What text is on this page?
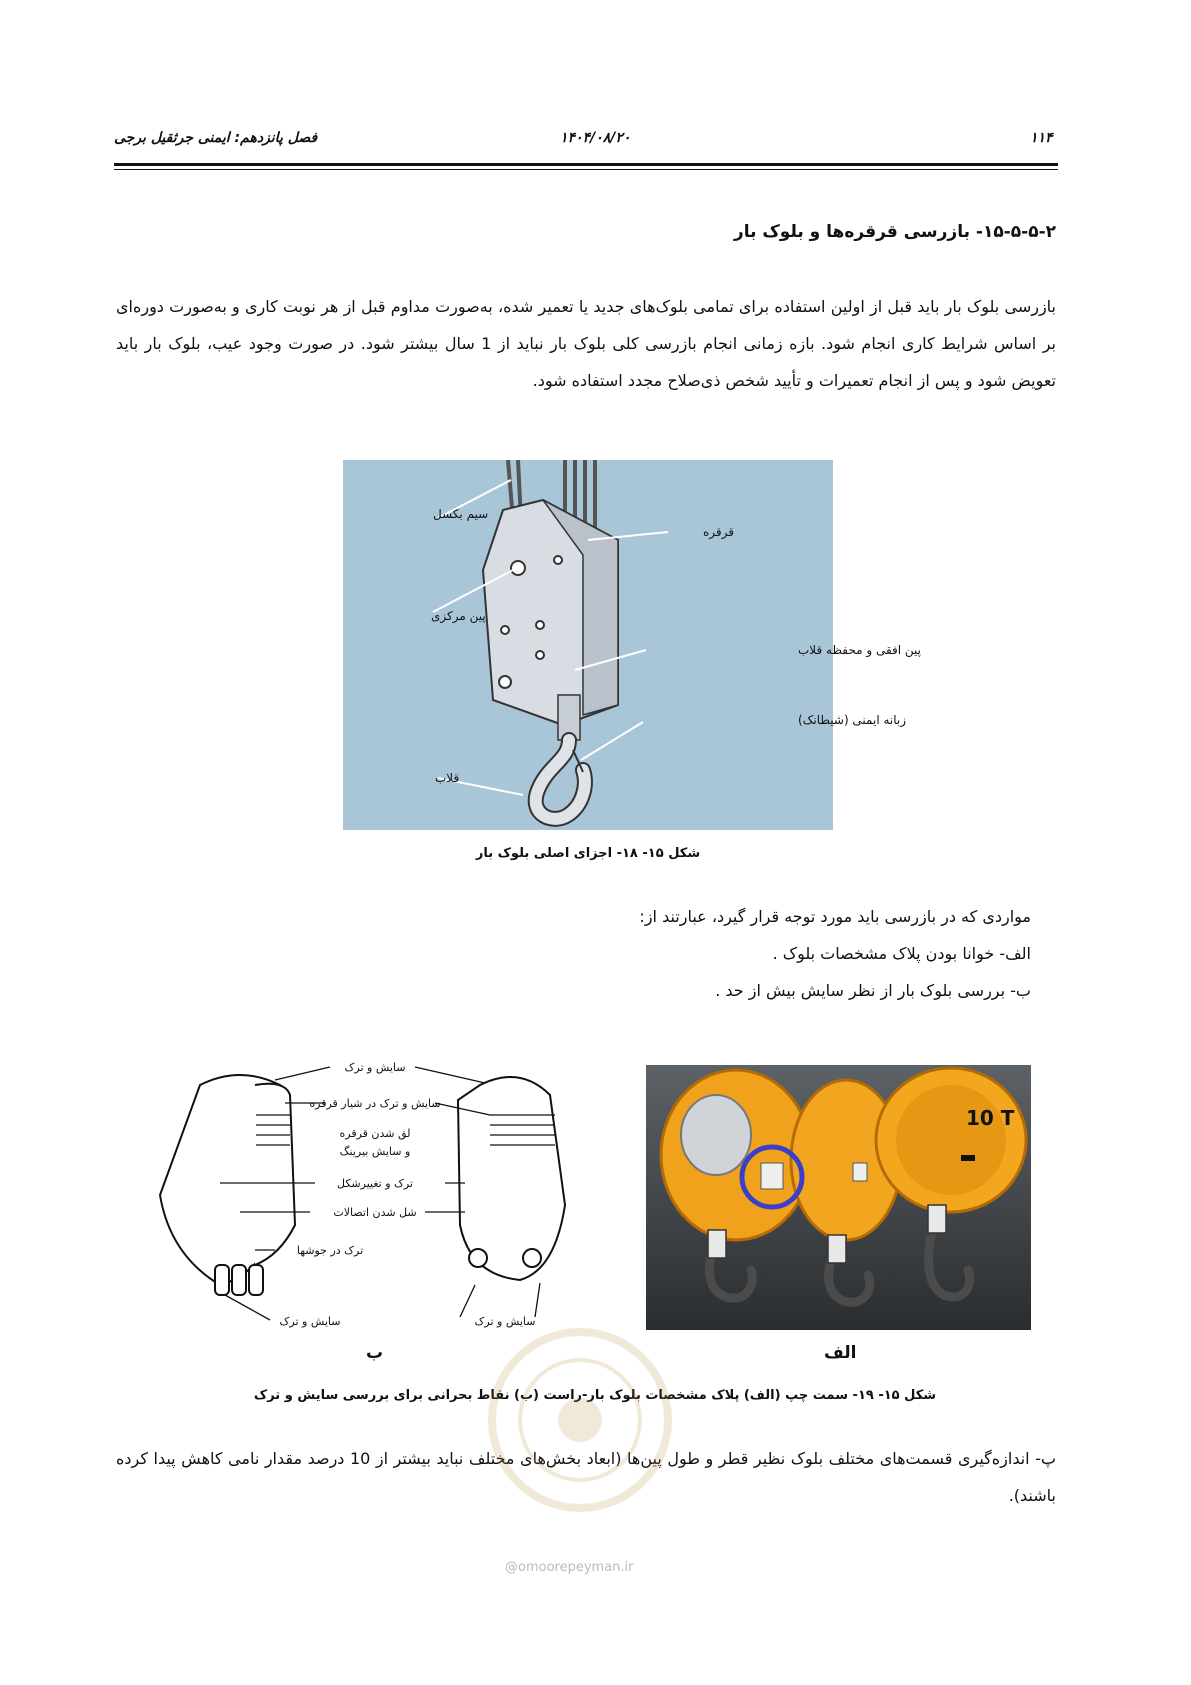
۱۱۴
۱۴۰۴/۰۸/۲۰
فصل پانزدهم: ایمنی جرثقیل برجی
۱۵-۵-۵-۲- بازرسی قرقره‌ها و بلوک بار
بازرسی بلوک بار باید قبل از اولین استفاده برای تمامی بلوک‌های جدید یا تعمیر شده، به‌صورت مداوم قبل از هر نوبت کاری و به‌صورت دوره‌ای بر اساس شرایط کاری انجام شود. بازه زمانی انجام بازرسی کلی بلوک بار نباید از 1 سال بیشتر شود. در صورت وجود عیب، بلوک بار باید تعویض شود و پس از انجام تعمیرات و تأیید شخص ذی‌صلاح مجدد استفاده شود.
سیم بکسل
قرقره
پین مرکزی
پین افقی و محفظه قلاب
زبانه ایمنی (شیطانک)
قلاب
شکل ۱۵- ۱۸- اجزای اصلی بلوک بار
مواردی که در بازرسی باید مورد توجه قرار گیرد، عبارتند از:
الف- خوانا بودن پلاک مشخصات بلوک .
ب- بررسی بلوک بار از نظر سایش بیش از حد .
سایش و ترک
سایش و ترک در شیار قرقره
لق شدن قرقره
و سایش بیرینگ
ترک و تغییرشکل
شل شدن اتصالات
ترک در جوشها
سایش و ترک	سایش و ترک
10 T
ب	الف
شکل ۱۵- ۱۹- سمت چپ (الف) پلاک مشخصات بلوک بار-راست (ب) نقاط بحرانی برای بررسی سایش و ترک
پ- اندازه‌گیری قسمت‌های مختلف بلوک نظیر قطر و طول پین‌ها (ابعاد بخش‌های مختلف نباید بیشتر از 10 درصد مقدار نامی کاهش پیدا کرده باشند).
@omoorepeyman.ir
